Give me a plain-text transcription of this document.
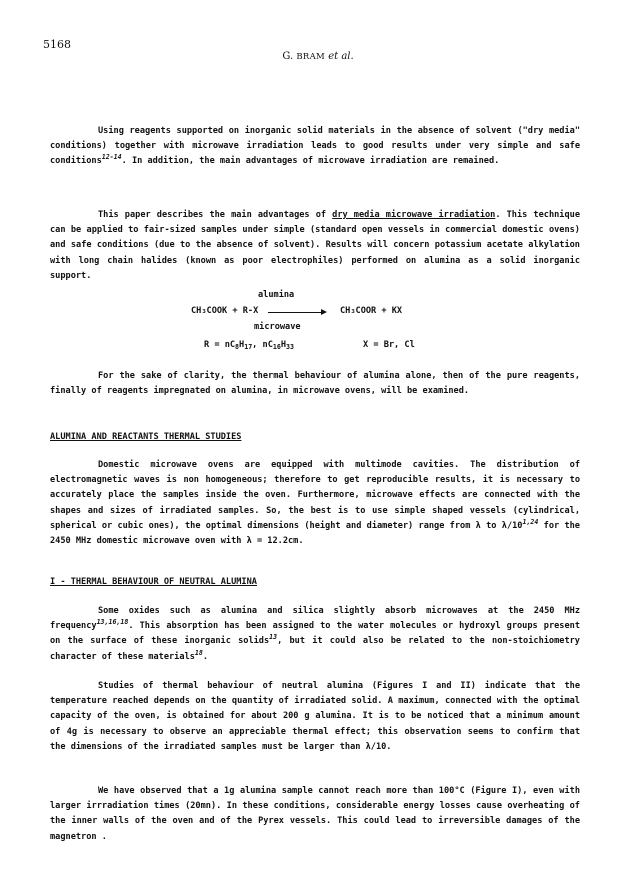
5168
G. BRAM et al.

Using reagents supported on inorganic solid materials in the absence of solvent ("dry media" conditions) together with microwave irradiation leads to good results under very simple and safe conditions$^{12-14}$. In addition, the main advantages of microwave irradiation are remained.

This paper describes the main advantages of dry media microwave irradiation. This technique can be applied to fair-sized samples under simple (standard open vessels in commercial domestic ovens) and safe conditions (due to the absence of solvent). Results will concern potassium acetate alkylation with long chain halides (known as poor electrophiles) performed on alumina as a solid inorganic support.

alumina
CH₃COOK + R-X	CH₃COOR + KX
microwave
$R = nC_8H_{17}$, $nC_{16}H_{33}$	X = Br, Cl

For the sake of clarity, the thermal behaviour of alumina alone, then of the pure reagents, finally of reagents impregnated on alumina, in microwave ovens, will be examined.

ALUMINA AND REACTANTS THERMAL STUDIES

Domestic microwave ovens are equipped with multimode cavities. The distribution of electromagnetic waves is non homogeneous; therefore to get reproducible results, it is necessary to accurately place the samples inside the oven. Furthermore, microwave effects are connected with the shapes and sizes of irradiated samples. So, the best is to use simple shaped vessels (cylindrical, spherical or cubic ones), the optimal dimensions (height and diameter) range from λ to λ/10$^{1,24}$ for the 2450 MHz domestic microwave oven with λ = 12.2cm.

I - THERMAL BEHAVIOUR OF NEUTRAL ALUMINA

Some oxides such as alumina and silica slightly absorb microwaves at the 2450 MHz frequency$^{13,16,18}$. This absorption has been assigned to the water molecules or hydroxyl groups present on the surface of these inorganic solids$^{13}$, but it could also be related to the non-stoichiometry character of these materials$^{18}$.

Studies of thermal behaviour of neutral alumina (Figures I and II) indicate that the temperature reached depends on the quantity of irradiated solid. A maximum, connected with the optimal capacity of the oven, is obtained for about 200 g alumina. It is to be noticed that a minimum amount of 4g is necessary to observe an appreciable thermal effect; this observation seems to confirm that the dimensions of the irradiated samples must be larger than λ/10.

We have observed that a 1g alumina sample cannot reach more than 100°C (Figure I), even with larger irrradiation times (20mn). In these conditions, considerable energy losses cause overheating of the inner walls of the oven and of the Pyrex vessels. This could lead to irreversible damages of the magnetron .
